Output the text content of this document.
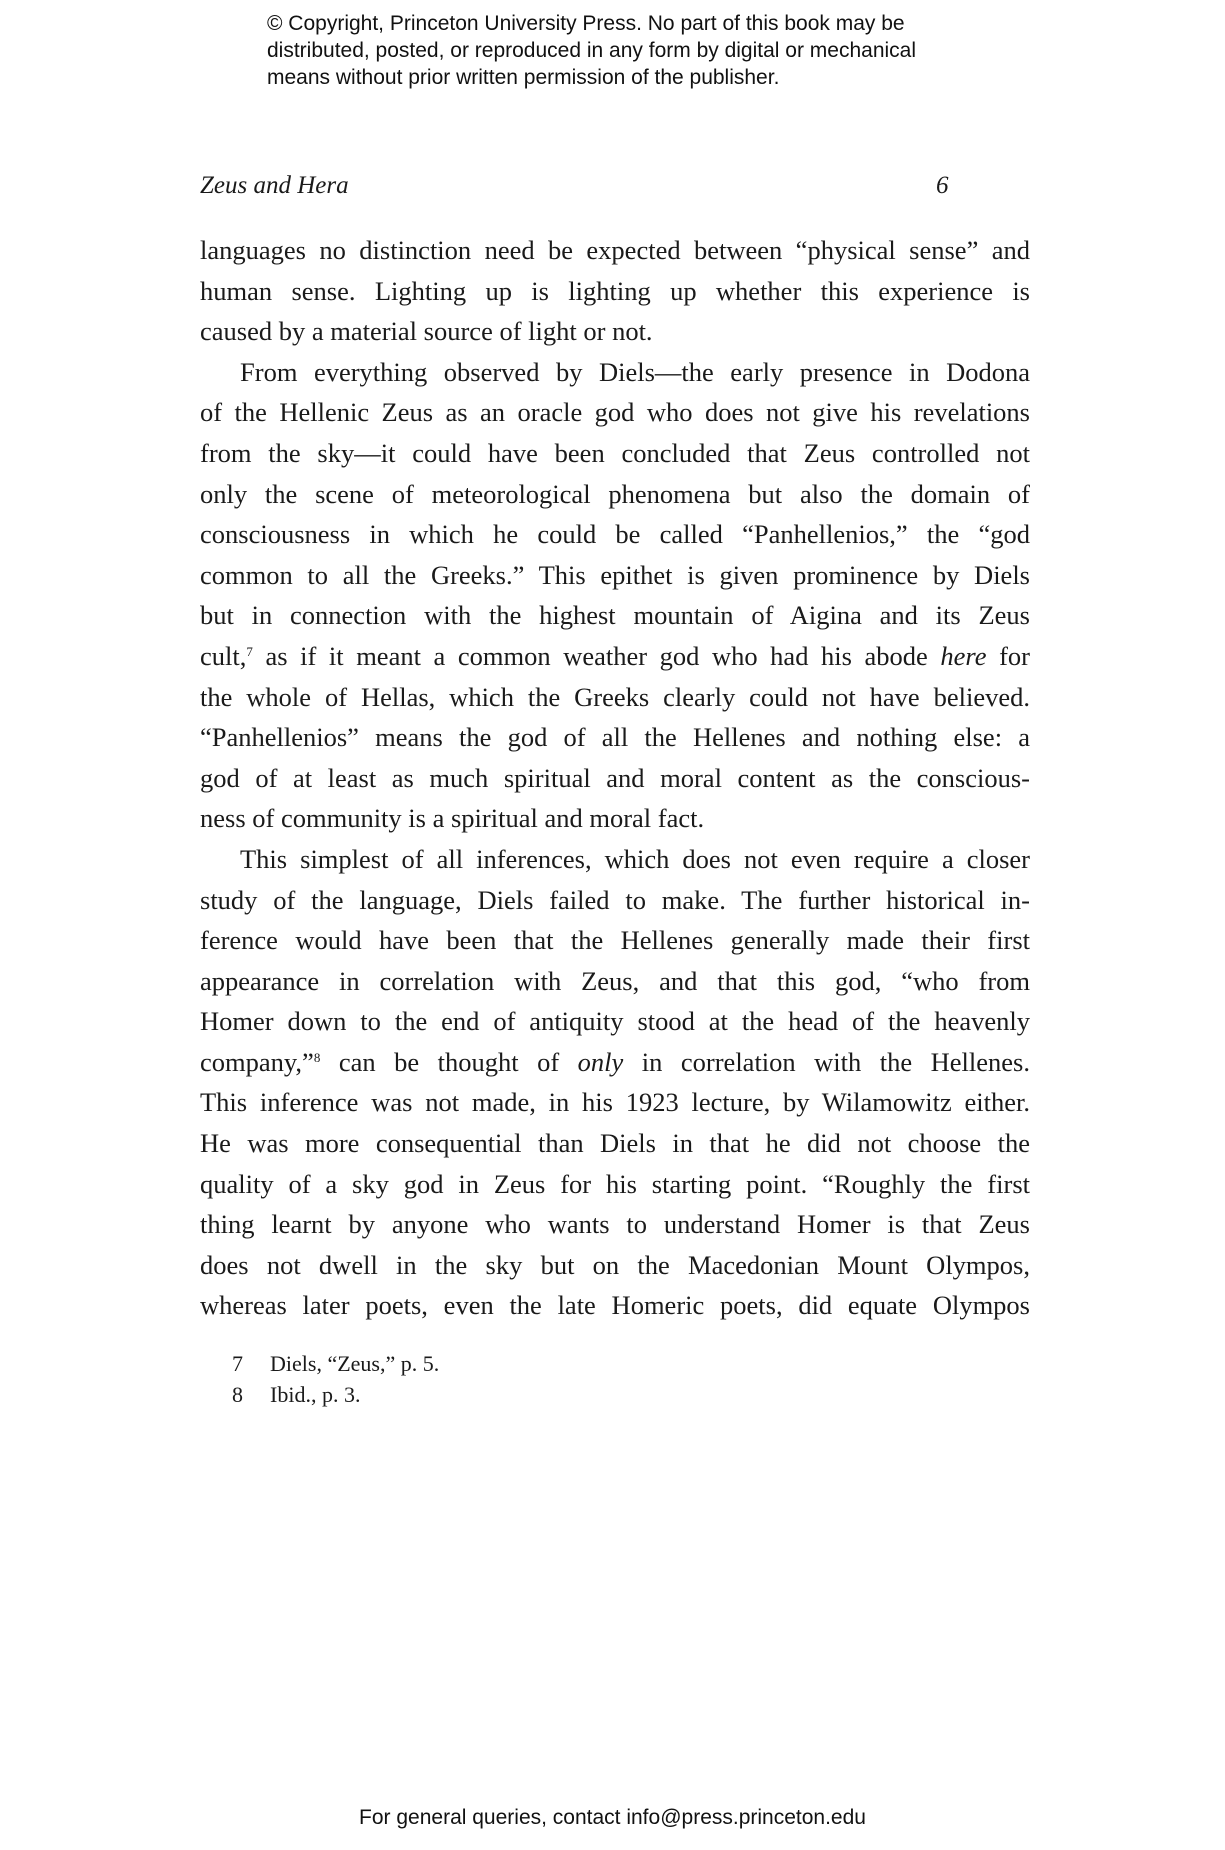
© Copyright, Princeton University Press. No part of this book may be
distributed, posted, or reproduced in any form by digital or mechanical
means without prior written permission of the publisher.
Zeus and Hera	6
languages no distinction need be expected between “physical sense” and
human sense. Lighting up is lighting up whether this experience is
caused by a material source of light or not.
From everything observed by Diels—the early presence in Dodona
of the Hellenic Zeus as an oracle god who does not give his revelations
from the sky—it could have been concluded that Zeus controlled not
only the scene of meteorological phenomena but also the domain of
consciousness in which he could be called “Panhellenios,” the “god
common to all the Greeks.” This epithet is given prominence by Diels
but in connection with the highest mountain of Aigina and its Zeus
cult,$^7$ as if it meant a common weather god who had his abode here for
the whole of Hellas, which the Greeks clearly could not have believed.
“Panhellenios” means the god of all the Hellenes and nothing else: a
god of at least as much spiritual and moral content as the conscious-
ness of community is a spiritual and moral fact.
This simplest of all inferences, which does not even require a closer
study of the language, Diels failed to make. The further historical in-
ference would have been that the Hellenes generally made their first
appearance in correlation with Zeus, and that this god, “who from
Homer down to the end of antiquity stood at the head of the heavenly
company,”$^8$ can be thought of only in correlation with the Hellenes.
This inference was not made, in his 1923 lecture, by Wilamowitz either.
He was more consequential than Diels in that he did not choose the
quality of a sky god in Zeus for his starting point. “Roughly the first
thing learnt by anyone who wants to understand Homer is that Zeus
does not dwell in the sky but on the Macedonian Mount Olympos,
whereas later poets, even the late Homeric poets, did equate Olympos
7 Diels, “Zeus,” p. 5.
8 Ibid., p. 3.
For general queries, contact info@press.princeton.edu
